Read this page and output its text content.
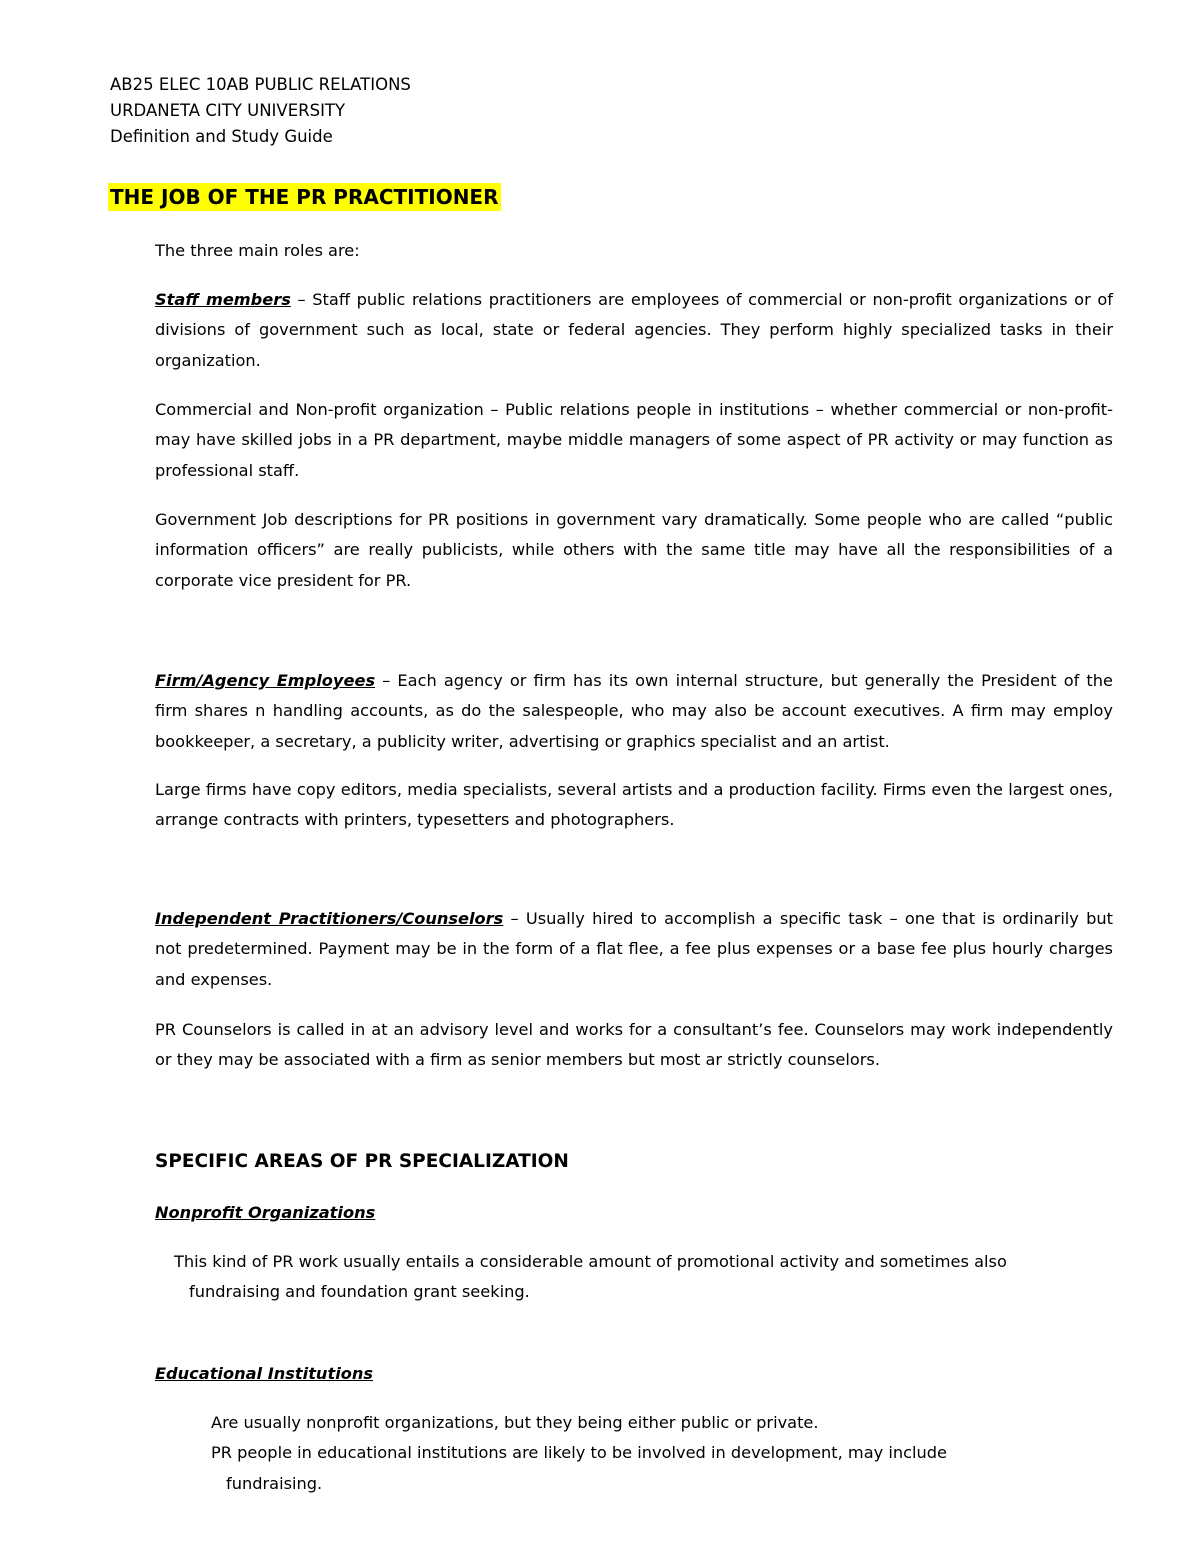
AB25 ELEC 10AB PUBLIC RELATIONS
URDANETA CITY UNIVERSITY
Definition and Study Guide
THE JOB OF THE PR PRACTITIONER

The three main roles are:

Staff members – Staff public relations practitioners are employees of commercial or non-profit organizations or of divisions of government such as local, state or federal agencies. They perform highly specialized tasks in their organization.

Commercial and Non-profit organization – Public relations people in institutions – whether commercial or non-profit- may have skilled jobs in a PR department, maybe middle managers of some aspect of PR activity or may function as professional staff.

Government Job descriptions for PR positions in government vary dramatically. Some people who are called “public information officers” are really publicists, while others with the same title may have all the responsibilities of a corporate vice president for PR.

Firm/Agency Employees – Each agency or firm has its own internal structure, but generally the President of the firm shares n handling accounts, as do the salespeople, who may also be account executives. A firm may employ bookkeeper, a secretary, a publicity writer, advertising or graphics specialist and an artist.

Large firms have copy editors, media specialists, several artists and a production facility. Firms even the largest ones, arrange contracts with printers, typesetters and photographers.

Independent Practitioners/Counselors – Usually hired to accomplish a specific task – one that is ordinarily but not predetermined. Payment may be in the form of a flat flee, a fee plus expenses or a base fee plus hourly charges and expenses.

PR Counselors is called in at an advisory level and works for a consultant’s fee. Counselors may work independently or they may be associated with a firm as senior members but most ar strictly counselors.

SPECIFIC AREAS OF PR SPECIALIZATION
Nonprofit Organizations
This kind of PR work usually entails a considerable amount of promotional activity and sometimes also
fundraising and foundation grant seeking.
Educational Institutions
Are usually nonprofit organizations, but they being either public or private.
PR people in educational institutions are likely to be involved in development, may include
fundraising.
